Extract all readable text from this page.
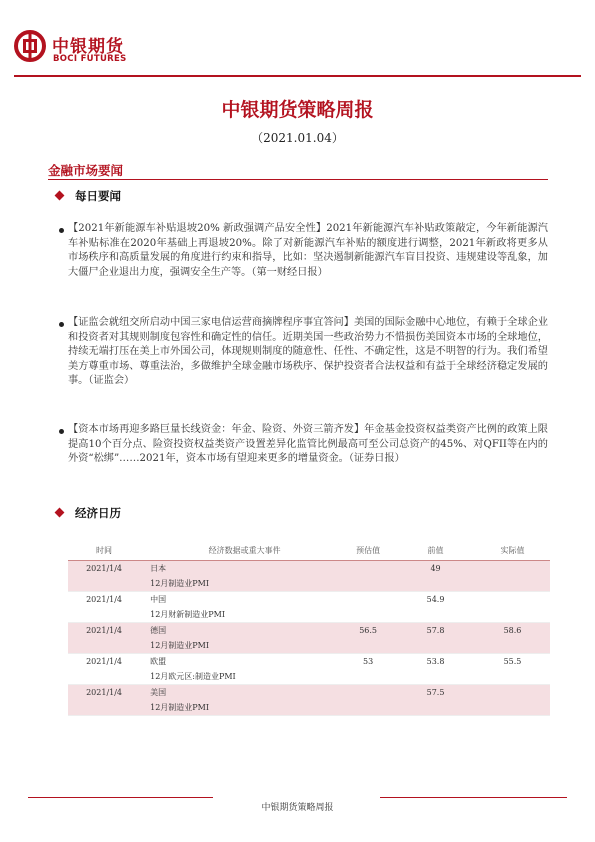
中银期货
BOCI FUTURES
中银期货策略周报
（2021.01.04）
金融市场要闻
每日要闻
【2021年新能源车补贴退坡20% 新政强调产品安全性】2021年新能源汽车补贴政策敲定，今年新能源汽车补贴标准在2020年基础上再退坡20%。除了对新能源汽车补贴的额度进行调整，2021年新政将更多从市场秩序和高质量发展的角度进行约束和指导，比如：坚决遏制新能源汽车盲目投资、违规建设等乱象，加大僵尸企业退出力度，强调安全生产等。（第一财经日报）
【证监会就纽交所启动中国三家电信运营商摘牌程序事宜答问】美国的国际金融中心地位，有赖于全球企业和投资者对其规则制度包容性和确定性的信任。近期美国一些政治势力不惜损伤美国资本市场的全球地位，持续无端打压在美上市外国公司，体现规则制度的随意性、任性、不确定性，这是不明智的行为。我们希望美方尊重市场、尊重法治，多做维护全球金融市场秩序、保护投资者合法权益和有益于全球经济稳定发展的事。（证监会）
【资本市场再迎多路巨量长线资金：年金、险资、外资三箭齐发】年金基金投资权益类资产比例的政策上限提高10个百分点、险资投资权益类资产设置差异化监管比例最高可至公司总资产的45%、对QFII等在内的外资“松绑”……2021年，资本市场有望迎来更多的增量资金。（证券日报）
经济日历
时间	经济数据或重大事件	预估值	前值	实际值
2021/1/4	日本		49	
	12月制造业PMI			
2021/1/4	中国		54.9	
	12月财新制造业PMI			
2021/1/4	德国	56.5	57.8	58.6
	12月制造业PMI			
2021/1/4	欧盟	53	53.8	55.5
	12月欧元区:制造业PMI			
2021/1/4	美国		57.5	
	12月制造业PMI			
中银期货策略周报
